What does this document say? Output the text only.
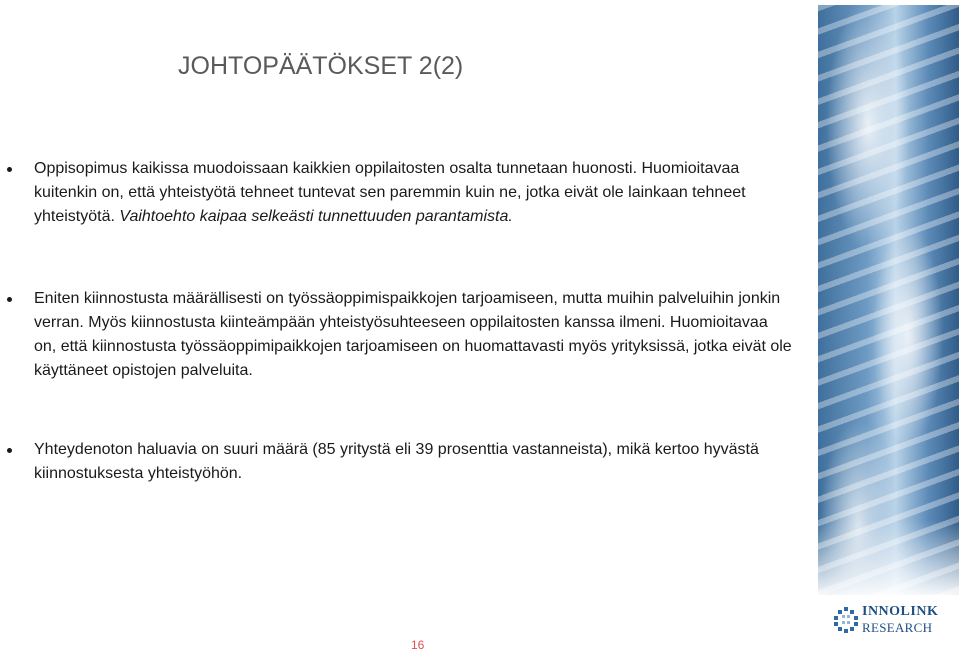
JOHTOPÄÄTÖKSET 2(2)
Oppisopimus kaikissa muodoissaan kaikkien oppilaitosten osalta tunnetaan huonosti. Huomioitavaa kuitenkin on, että yhteistyötä tehneet tuntevat sen paremmin kuin ne, jotka eivät ole lainkaan tehneet yhteistyötä. Vaihtoehto kaipaa selkeästi tunnettuuden parantamista.
Eniten kiinnostusta määrällisesti on työssäoppimispaikkojen tarjoamiseen, mutta muihin palveluihin jonkin verran. Myös kiinnostusta kiinteämpään yhteistyösuhteeseen oppilaitosten kanssa ilmeni. Huomioitavaa on, että kiinnostusta työssäoppimipaikkojen tarjoamiseen on huomattavasti myös yrityksissä, jotka eivät ole käyttäneet opistojen palveluita.
Yhteydenoton haluavia on suuri määrä (85 yritystä eli 39 prosenttia vastanneista), mikä kertoo hyvästä kiinnostuksesta yhteistyöhön.
INNOLINK
RESEARCH
16
